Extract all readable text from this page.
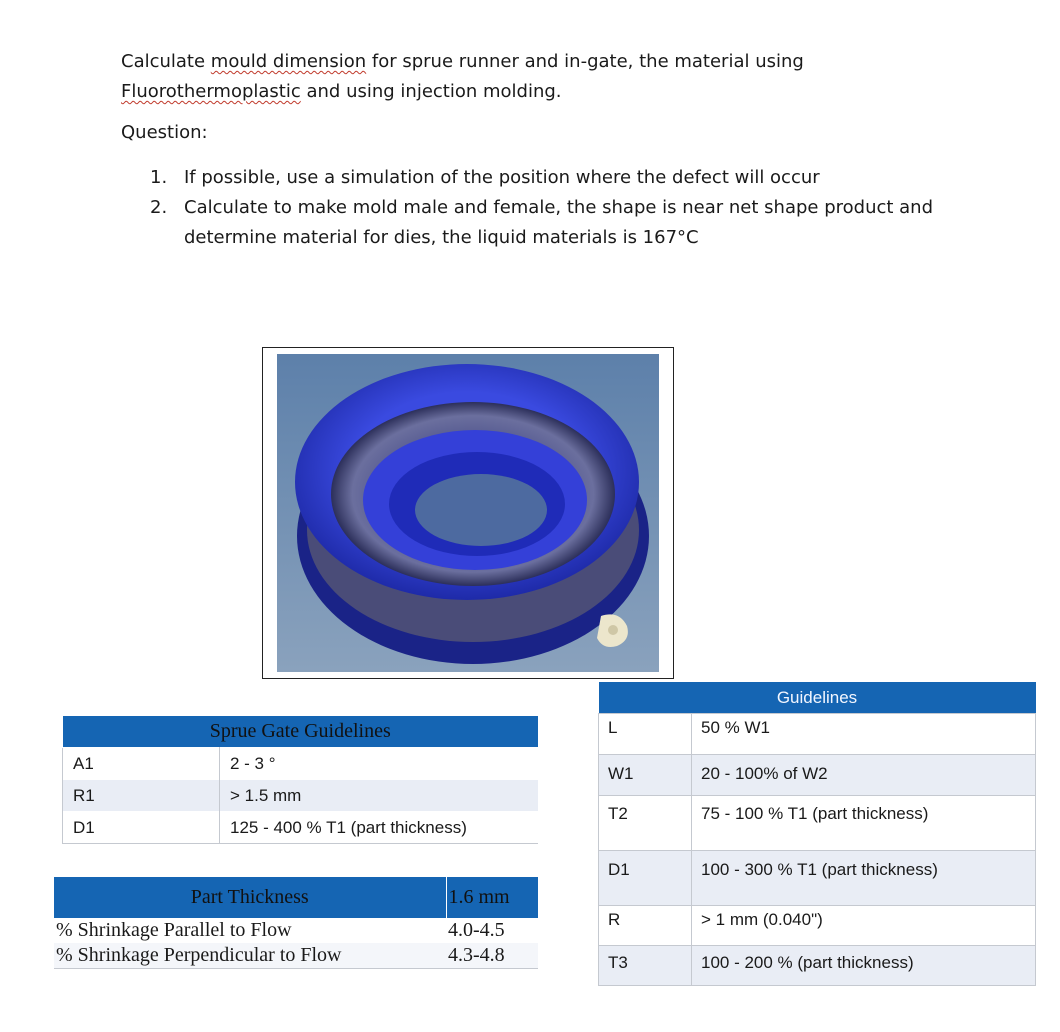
Calculate mould dimension for sprue runner and in-gate, the material using

Fluorothermoplastic and using injection molding.

Question:
1. If possible, use a simulation of the position where the defect will occur
2. Calculate to make mold male and female, the shape is near net shape product and determine material for dies, the liquid materials is 167°C
Sprue Gate Guidelines	
A1	2 - 3 °
R1	> 1.5 mm
D1	125 - 400 % T1 (part thickness)
Part Thickness	1.6 mm
% Shrinkage Parallel to Flow	4.0-4.5
% Shrinkage Perpendicular to Flow	4.3-4.8
Guidelines	
L	50 % W1
W1	20 - 100% of W2
T2	75 - 100 % T1 (part thickness)
D1	100 - 300 % T1 (part thickness)
R	> 1 mm (0.040")
T3	100 - 200 % (part thickness)
